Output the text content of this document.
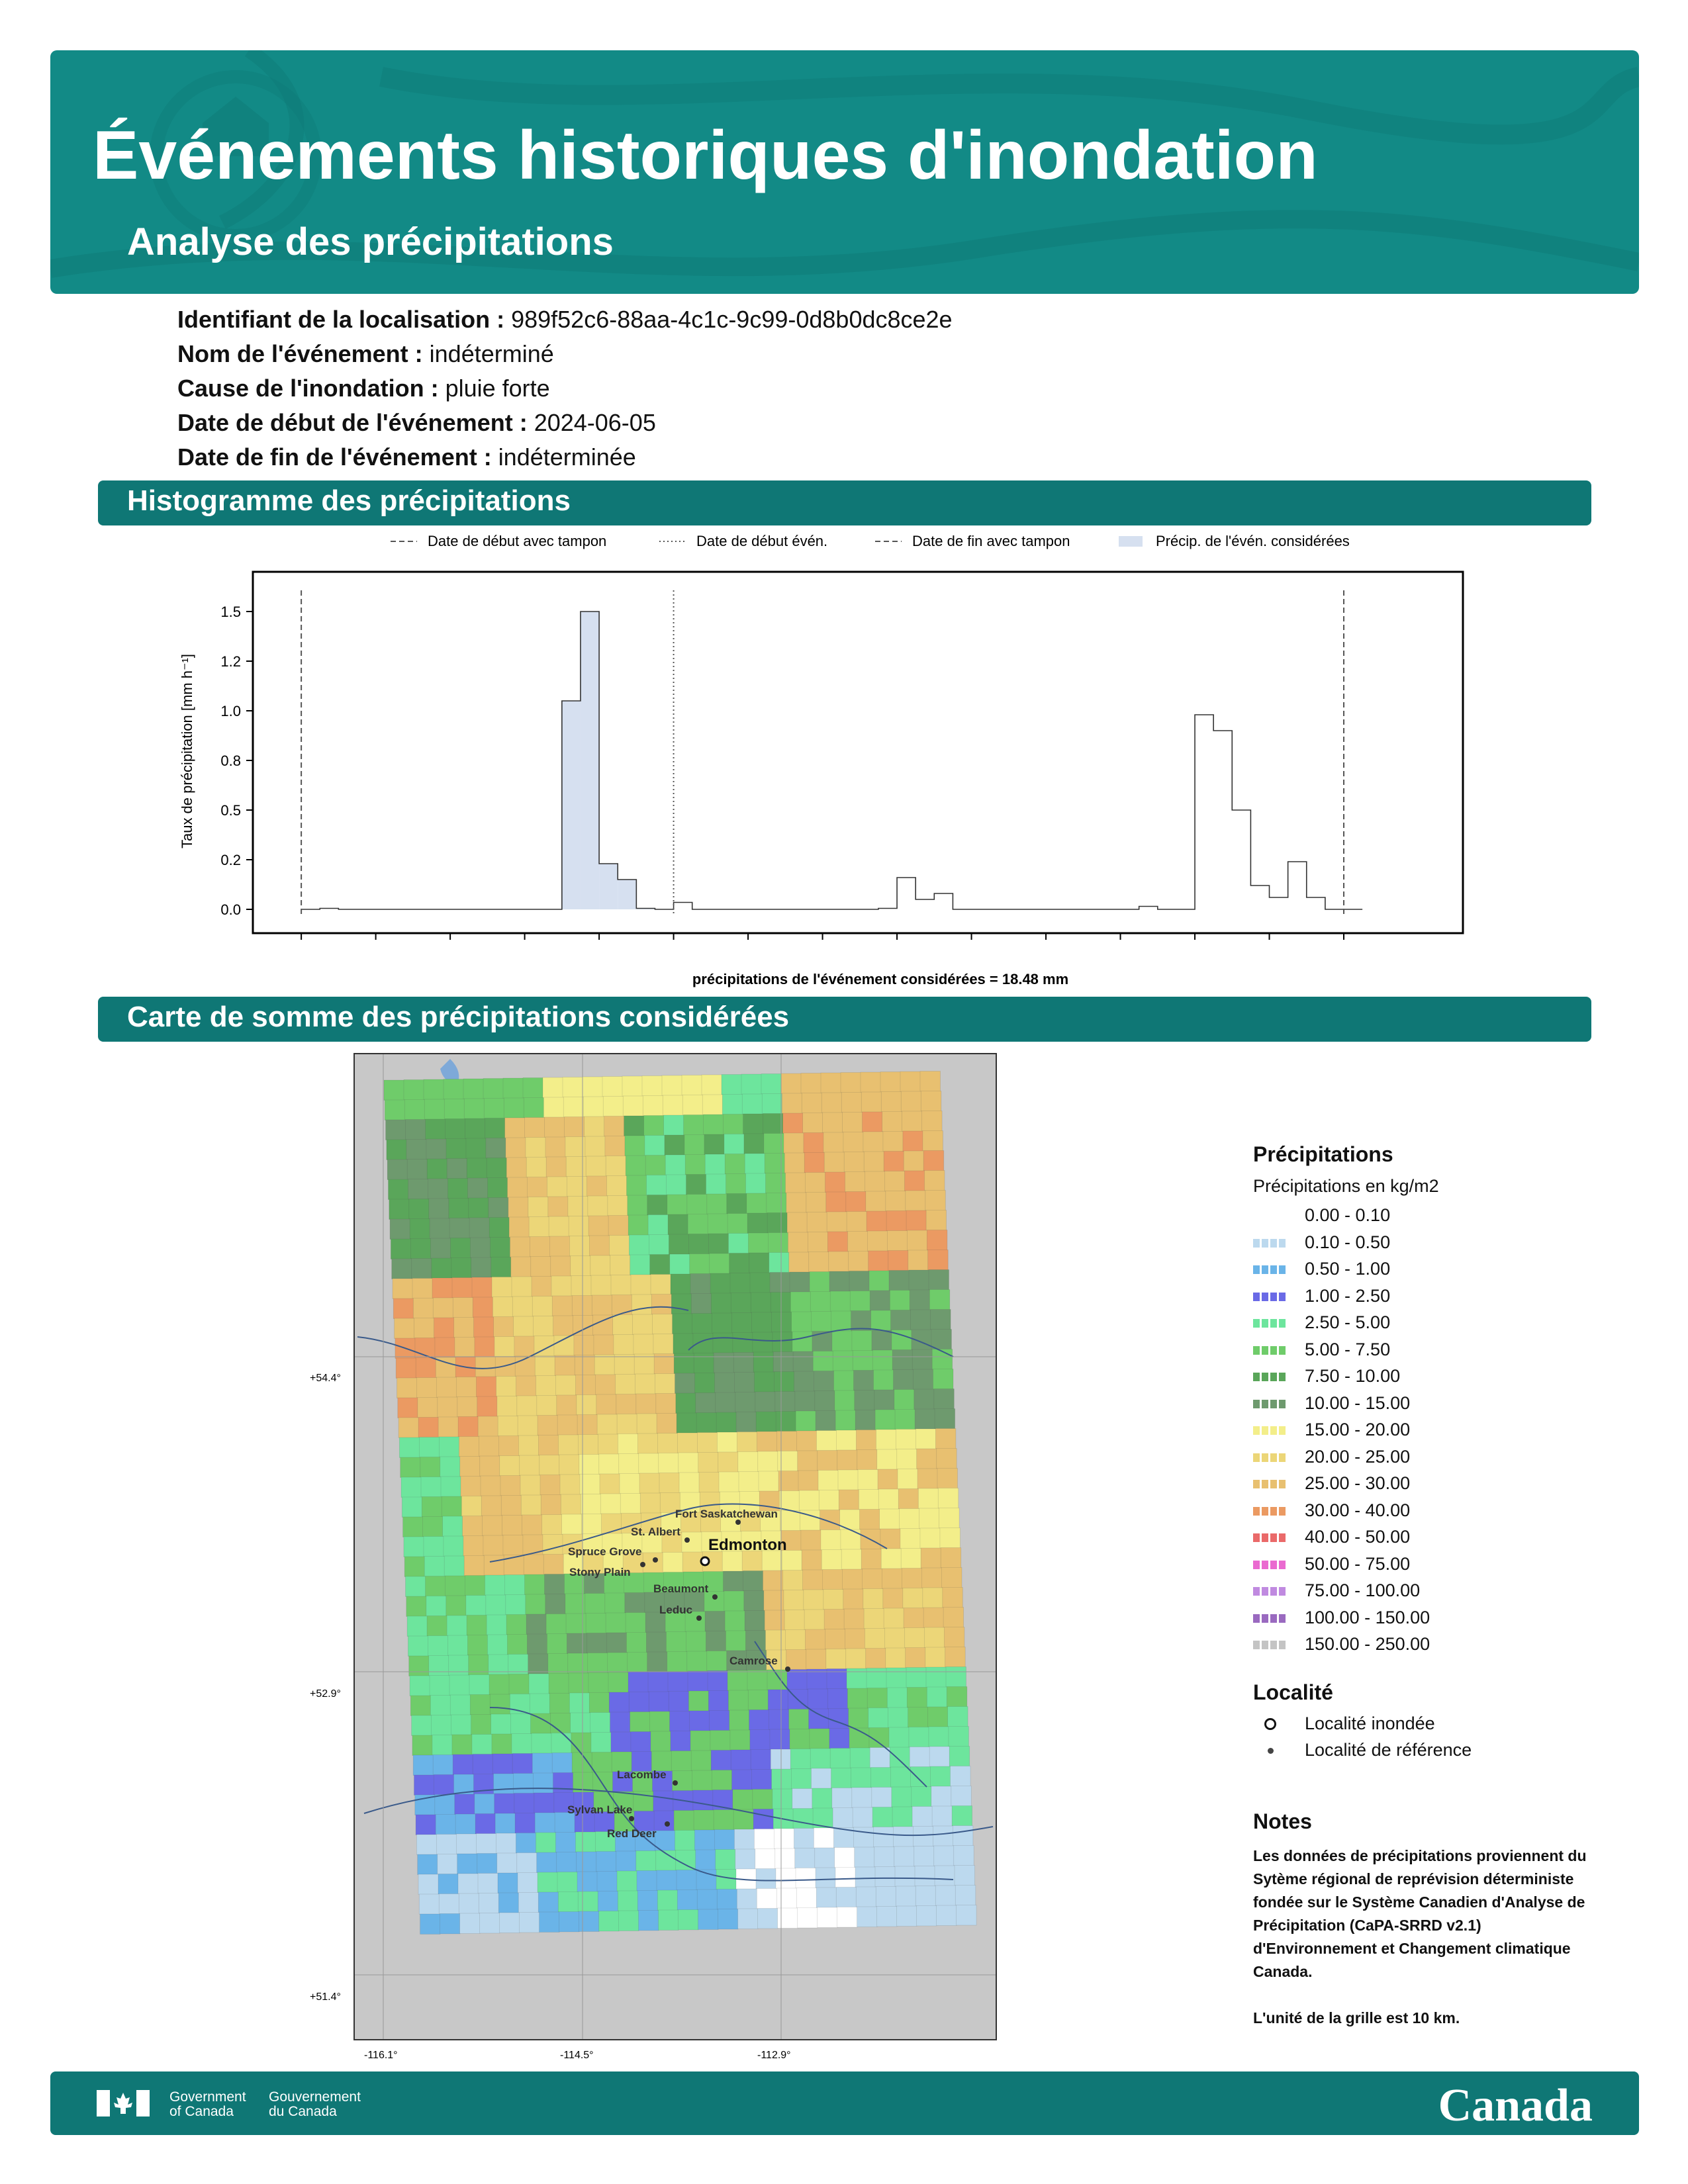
Événements historiques d'inondation
Analyse des précipitations
Identifiant de la localisation : 989f52c6-88aa-4c1c-9c99-0d8b0dc8ce2e
Nom de l'événement : indéterminé
Cause de l'inondation : pluie forte
Date de début de l'événement : 2024-06-05
Date de fin de l'événement : indéterminée
Histogramme des précipitations
Date de début avec tampon	Date de début évén.	Date de fin avec tampon	Précip. de l'évén. considérées
0.0
0.2
0.5
0.8
1.0
1.2
1.5
Taux de précipitation [mm h⁻¹]
précipitations de l'événement considérées = 18.48 mm
Carte de somme des précipitations considérées
+54.4°
+52.9°
+51.4°
-116.1°	-114.5°	-112.9°
Fort Saskatchewan
St. Albert
Edmonton
Spruce Grove
Stony Plain
Beaumont
Leduc
Camrose
Lacombe
Sylvan Lake
Red Deer
Précipitations
Précipitations en kg/m2
0.00 - 0.10
0.10 - 0.50
0.50 - 1.00
1.00 - 2.50
2.50 - 5.00
5.00 - 7.50
7.50 - 10.00
10.00 - 15.00
15.00 - 20.00
20.00 - 25.00
25.00 - 30.00
30.00 - 40.00
40.00 - 50.00
50.00 - 75.00
75.00 - 100.00
100.00 - 150.00
150.00 - 250.00
Localité
Localité inondée
Localité de référence
Notes
Les données de précipitations proviennent du Sytème régional de reprévision déterministe fondée sur le Système Canadien d'Analyse de Précipitation (CaPA-SRRD v2.1) d'Environnement et Changement climatique Canada.
L'unité de la grille est 10 km.
Government
of Canada
Gouvernement
du Canada	Canada
